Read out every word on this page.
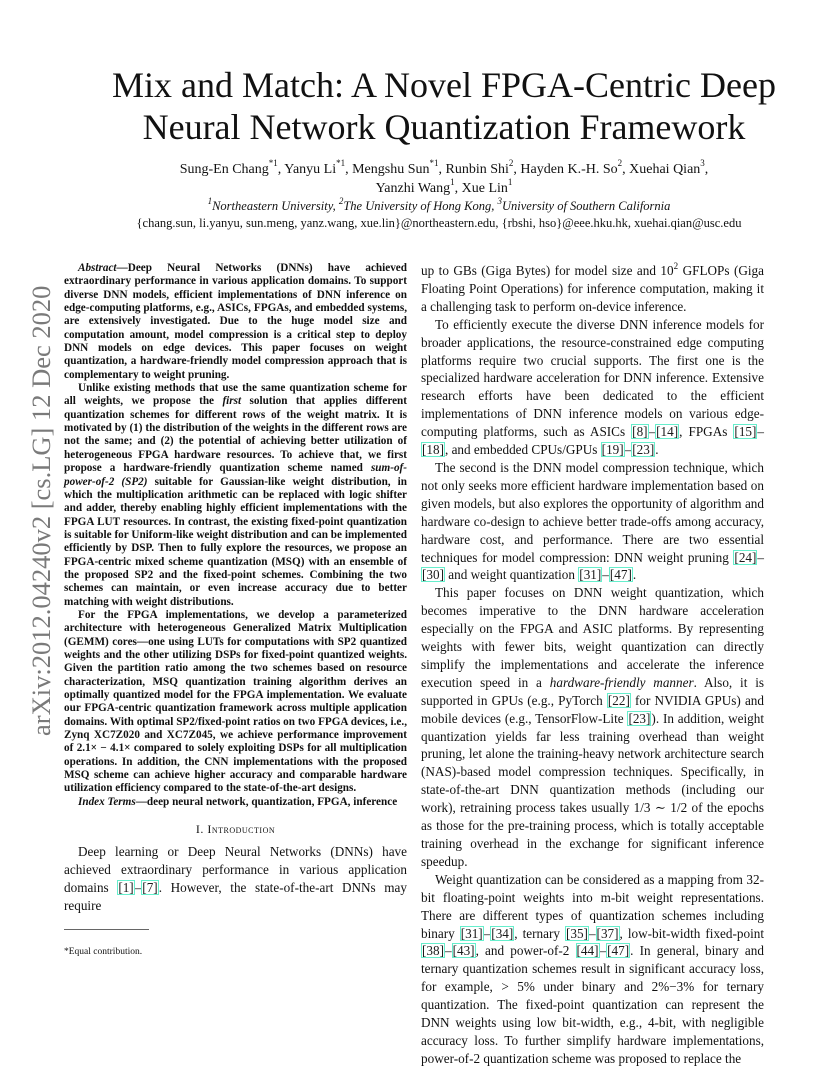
arXiv:2012.04240v2 [cs.LG] 12 Dec 2020
Mix and Match: A Novel FPGA-Centric Deep Neural Network Quantization Framework
Sung-En Chang$^{*1}$, Yanyu Li$^{*1}$, Mengshu Sun$^{*1}$, Runbin Shi$^2$, Hayden K.-H. So$^2$, Xuehai Qian$^3$,
Yanzhi Wang$^1$, Xue Lin$^1$
$^1$Northeastern University, $^2$The University of Hong Kong, $^3$University of Southern California
{chang.sun, li.yanyu, sun.meng, yanz.wang, xue.lin}@northeastern.edu, {rbshi, hso}@eee.hku.hk, xuehai.qian@usc.edu

Abstract—Deep Neural Networks (DNNs) have achieved extraordinary performance in various application domains. To support diverse DNN models, efficient implementations of DNN inference on edge-computing platforms, e.g., ASICs, FPGAs, and embedded systems, are extensively investigated. Due to the huge model size and computation amount, model compression is a critical step to deploy DNN models on edge devices. This paper focuses on weight quantization, a hardware-friendly model compression approach that is complementary to weight pruning.

Unlike existing methods that use the same quantization scheme for all weights, we propose the first solution that applies different quantization schemes for different rows of the weight matrix. It is motivated by (1) the distribution of the weights in the different rows are not the same; and (2) the potential of achieving better utilization of heterogeneous FPGA hardware resources. To achieve that, we first propose a hardware-friendly quantization scheme named sum-of-power-of-2 (SP2) suitable for Gaussian-like weight distribution, in which the multiplication arithmetic can be replaced with logic shifter and adder, thereby enabling highly efficient implementations with the FPGA LUT resources. In contrast, the existing fixed-point quantization is suitable for Uniform-like weight distribution and can be implemented efficiently by DSP. Then to fully explore the resources, we propose an FPGA-centric mixed scheme quantization (MSQ) with an ensemble of the proposed SP2 and the fixed-point schemes. Combining the two schemes can maintain, or even increase accuracy due to better matching with weight distributions.

For the FPGA implementations, we develop a parameterized architecture with heterogeneous Generalized Matrix Multiplication (GEMM) cores—one using LUTs for computations with SP2 quantized weights and the other utilizing DSPs for fixed-point quantized weights. Given the partition ratio among the two schemes based on resource characterization, MSQ quantization training algorithm derives an optimally quantized model for the FPGA implementation. We evaluate our FPGA-centric quantization framework across multiple application domains. With optimal SP2/fixed-point ratios on two FPGA devices, i.e., Zynq XC7Z020 and XC7Z045, we achieve performance improvement of 2.1× − 4.1× compared to solely exploiting DSPs for all multiplication operations. In addition, the CNN implementations with the proposed MSQ scheme can achieve higher accuracy and comparable hardware utilization efficiency compared to the state-of-the-art designs.

Index Terms—deep neural network, quantization, FPGA, inference

I. Introduction

Deep learning or Deep Neural Networks (DNNs) have achieved extraordinary performance in various application domains [1]–[7]. However, the state-of-the-art DNNs may require

*Equal contribution.

up to GBs (Giga Bytes) for model size and $10^2$ GFLOPs (Giga Floating Point Operations) for inference computation, making it a challenging task to perform on-device inference.

To efficiently execute the diverse DNN inference models for broader applications, the resource-constrained edge computing platforms require two crucial supports. The first one is the specialized hardware acceleration for DNN inference. Extensive research efforts have been dedicated to the efficient implementations of DNN inference models on various edge-computing platforms, such as ASICs [8]–[14], FPGAs [15]–[18], and embedded CPUs/GPUs [19]–[23].

The second is the DNN model compression technique, which not only seeks more efficient hardware implementation based on given models, but also explores the opportunity of algorithm and hardware co-design to achieve better trade-offs among accuracy, hardware cost, and performance. There are two essential techniques for model compression: DNN weight pruning [24]–[30] and weight quantization [31]–[47].

This paper focuses on DNN weight quantization, which becomes imperative to the DNN hardware acceleration especially on the FPGA and ASIC platforms. By representing weights with fewer bits, weight quantization can directly simplify the implementations and accelerate the inference execution speed in a hardware-friendly manner. Also, it is supported in GPUs (e.g., PyTorch [22] for NVIDIA GPUs) and mobile devices (e.g., TensorFlow-Lite [23]). In addition, weight quantization yields far less training overhead than weight pruning, let alone the training-heavy network architecture search (NAS)-based model compression techniques. Specifically, in state-of-the-art DNN quantization methods (including our work), retraining process takes usually 1/3 ∼ 1/2 of the epochs as those for the pre-training process, which is totally acceptable training overhead in the exchange for significant inference speedup.

Weight quantization can be considered as a mapping from 32-bit floating-point weights into m-bit weight representations. There are different types of quantization schemes including binary [31]–[34], ternary [35]–[37], low-bit-width fixed-point [38]–[43], and power-of-2 [44]–[47]. In general, binary and ternary quantization schemes result in significant accuracy loss, for example, > 5% under binary and 2%−3% for ternary quantization. The fixed-point quantization can represent the DNN weights using low bit-width, e.g., 4-bit, with negligible accuracy loss. To further simplify hardware implementations, power-of-2 quantization scheme was proposed to replace the
